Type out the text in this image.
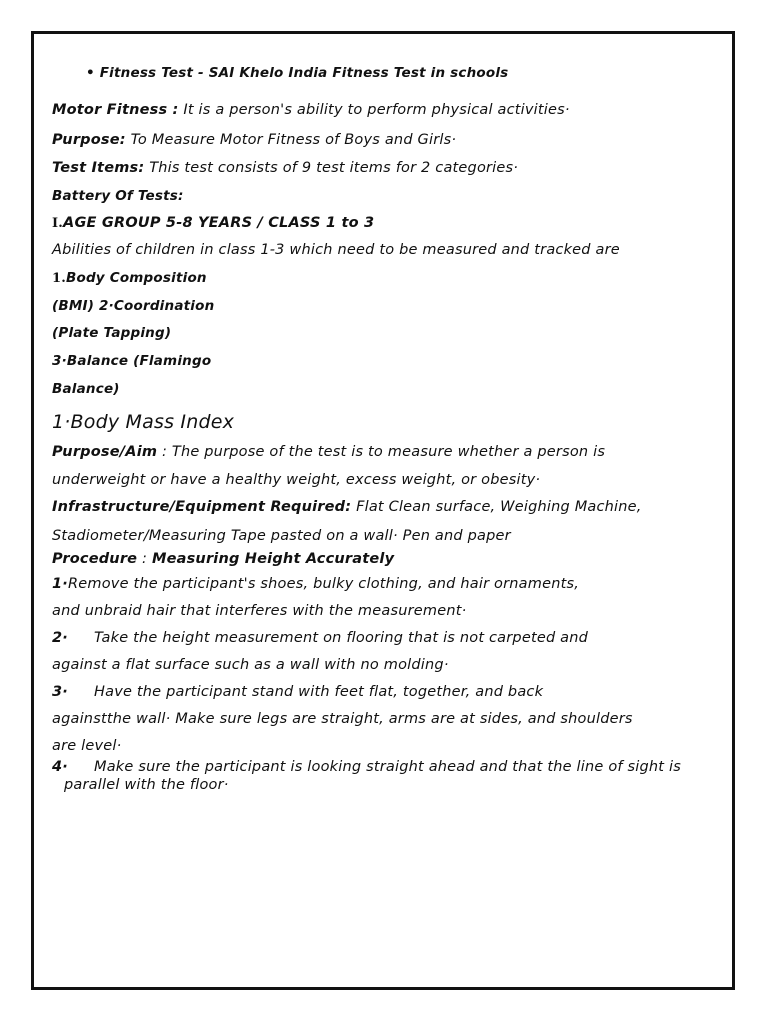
• Fitness Test - SAI Khelo India Fitness Test in schools
Motor Fitness : It is a person's ability to perform physical activities·
Purpose: To Measure Motor Fitness of Boys and Girls·
Test Items: This test consists of 9 test items for 2 categories·
Battery Of Tests:
I.AGE GROUP 5-8 YEARS / CLASS 1 to 3
Abilities of children in class 1-3 which need to be measured and tracked are
1.Body Composition
(BMI) 2·Coordination
(Plate Tapping)
3·Balance (Flamingo
Balance)
1·Body Mass Index
Purpose/Aim : The purpose of the test is to measure whether a person is
underweight or have a healthy weight, excess weight, or obesity·
Infrastructure/Equipment Required: Flat Clean surface, Weighing Machine,
Stadiometer/Measuring Tape pasted on a wall· Pen and paper
Procedure : Measuring Height Accurately
1·Remove the participant's shoes, bulky clothing, and hair ornaments,
and unbraid hair that interferes with the measurement·
2· Take the height measurement on flooring that is not carpeted and
against a flat surface such as a wall with no molding·
3· Have the participant stand with feet flat, together, and back
againstthe wall· Make sure legs are straight, arms are at sides, and shoulders
are level·
4· Make sure the participant is looking straight ahead and that the line of sight is
parallel with the floor·
